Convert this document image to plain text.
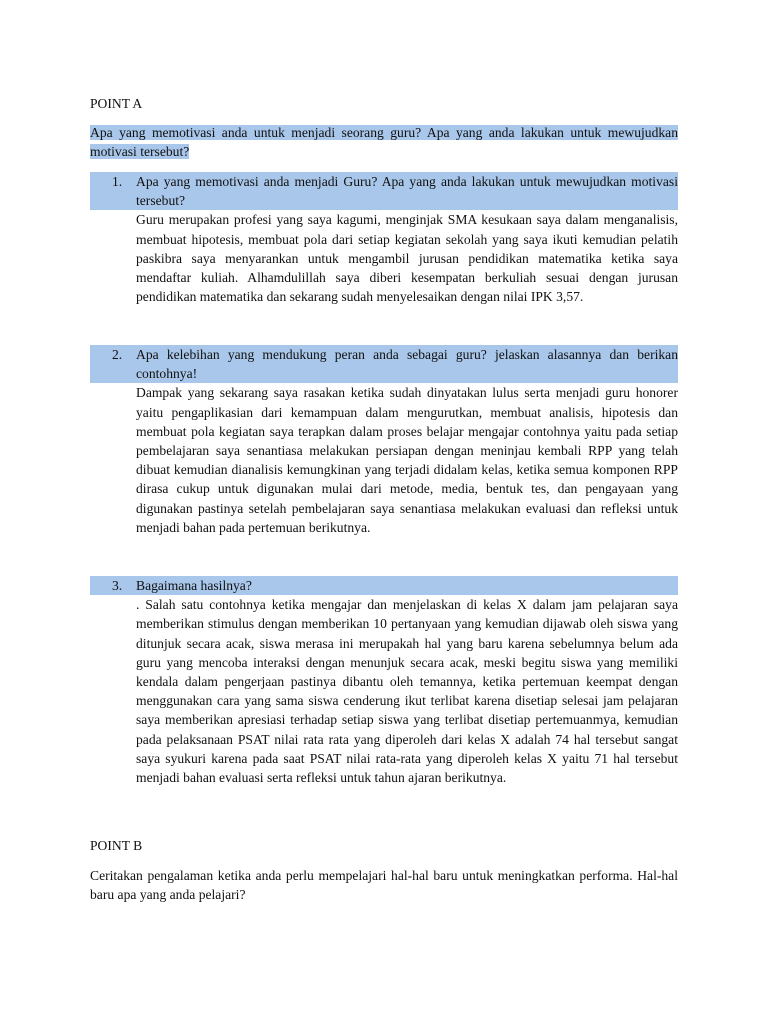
POINT A
Apa yang memotivasi anda untuk menjadi seorang guru? Apa yang anda lakukan untuk mewujudkan motivasi tersebut?
1.	Apa yang memotivasi anda menjadi Guru? Apa yang anda lakukan untuk mewujudkan motivasi tersebut?
Guru merupakan profesi yang saya kagumi, menginjak SMA kesukaan saya dalam menganalisis, membuat hipotesis, membuat pola dari setiap kegiatan sekolah yang saya ikuti kemudian pelatih paskibra saya menyarankan untuk mengambil jurusan pendidikan matematika ketika saya mendaftar kuliah. Alhamdulillah saya diberi kesempatan berkuliah sesuai dengan jurusan pendidikan matematika dan sekarang sudah menyelesaikan dengan nilai IPK 3,57.
2.	Apa kelebihan yang mendukung peran anda sebagai guru? jelaskan alasannya dan berikan contohnya!
Dampak yang sekarang saya rasakan ketika sudah dinyatakan lulus serta menjadi guru honorer yaitu pengaplikasian dari kemampuan dalam mengurutkan, membuat analisis, hipotesis dan membuat pola kegiatan saya terapkan dalam proses belajar mengajar contohnya yaitu pada setiap pembelajaran saya senantiasa melakukan persiapan dengan meninjau kembali RPP yang telah dibuat kemudian dianalisis kemungkinan yang terjadi didalam kelas, ketika semua komponen RPP dirasa cukup untuk digunakan mulai dari metode, media, bentuk tes, dan pengayaan yang digunakan pastinya setelah pembelajaran saya senantiasa melakukan evaluasi dan refleksi untuk menjadi bahan pada pertemuan berikutnya.
3.	Bagaimana hasilnya?
. Salah satu contohnya ketika mengajar dan menjelaskan di kelas X dalam jam pelajaran saya memberikan stimulus dengan memberikan 10 pertanyaan yang kemudian dijawab oleh siswa yang ditunjuk secara acak, siswa merasa ini merupakah hal yang baru karena sebelumnya belum ada guru yang mencoba interaksi dengan menunjuk secara acak, meski begitu siswa yang memiliki kendala dalam pengerjaan pastinya dibantu oleh temannya, ketika pertemuan keempat dengan menggunakan cara yang sama siswa cenderung ikut terlibat karena disetiap selesai jam pelajaran saya memberikan apresiasi terhadap setiap siswa yang terlibat disetiap pertemuanmya, kemudian pada pelaksanaan PSAT nilai rata rata yang diperoleh dari kelas X adalah 74 hal tersebut sangat saya syukuri karena pada saat PSAT nilai rata-rata yang diperoleh kelas X yaitu 71 hal tersebut menjadi bahan evaluasi serta refleksi untuk tahun ajaran berikutnya.
POINT B
Ceritakan pengalaman ketika anda perlu mempelajari hal-hal baru untuk meningkatkan performa. Hal-hal baru apa yang anda pelajari?
